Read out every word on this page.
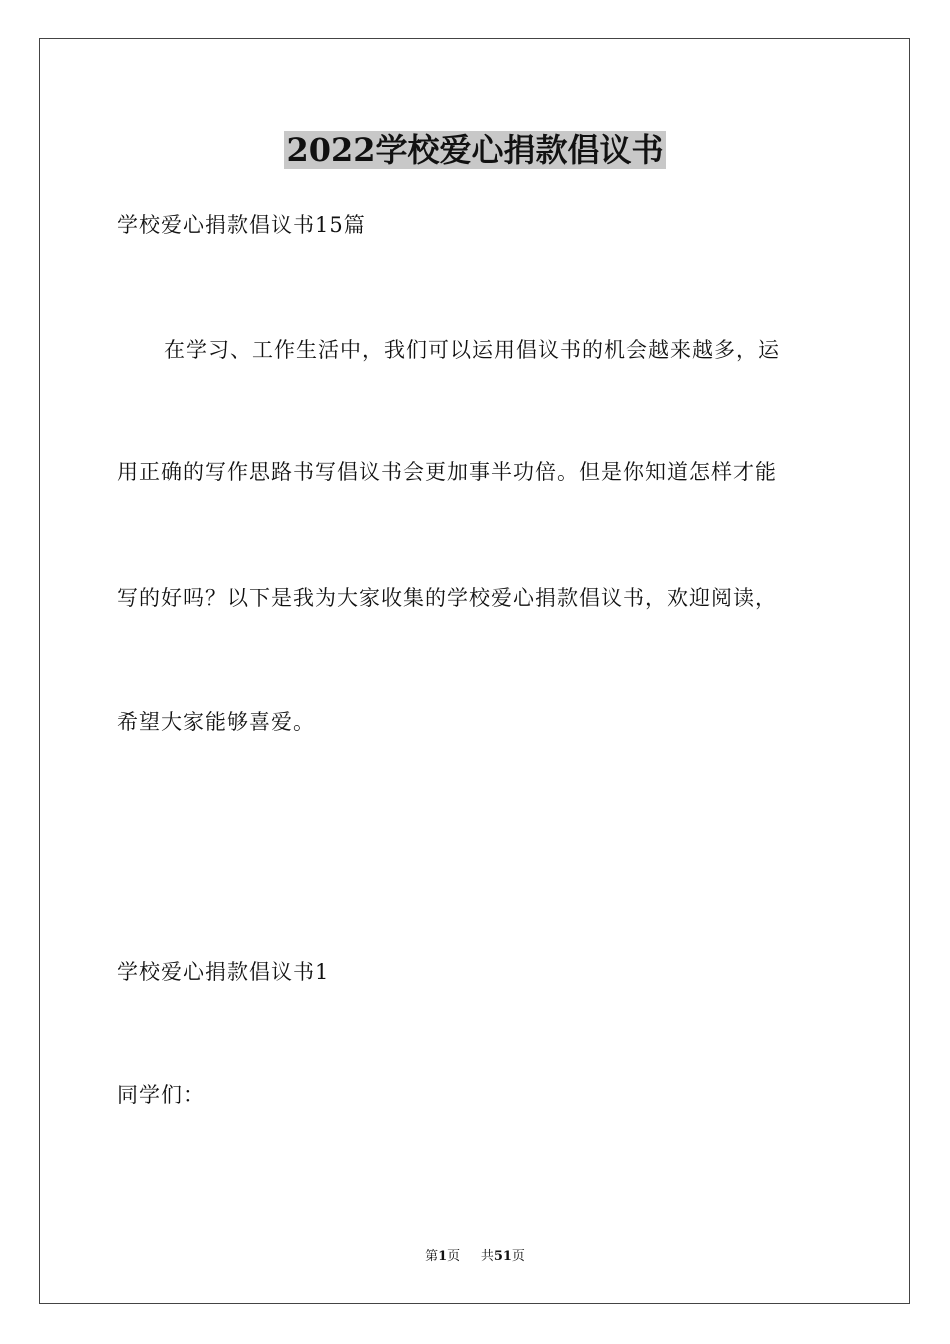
2022学校爱心捐款倡议书
学校爱心捐款倡议书15篇
在学习、工作生活中，我们可以运用倡议书的机会越来越多，运
用正确的写作思路书写倡议书会更加事半功倍。但是你知道怎样才能
写的好吗？以下是我为大家收集的学校爱心捐款倡议书，欢迎阅读，
希望大家能够喜爱。
学校爱心捐款倡议书1
同学们：
第1页 共51页
